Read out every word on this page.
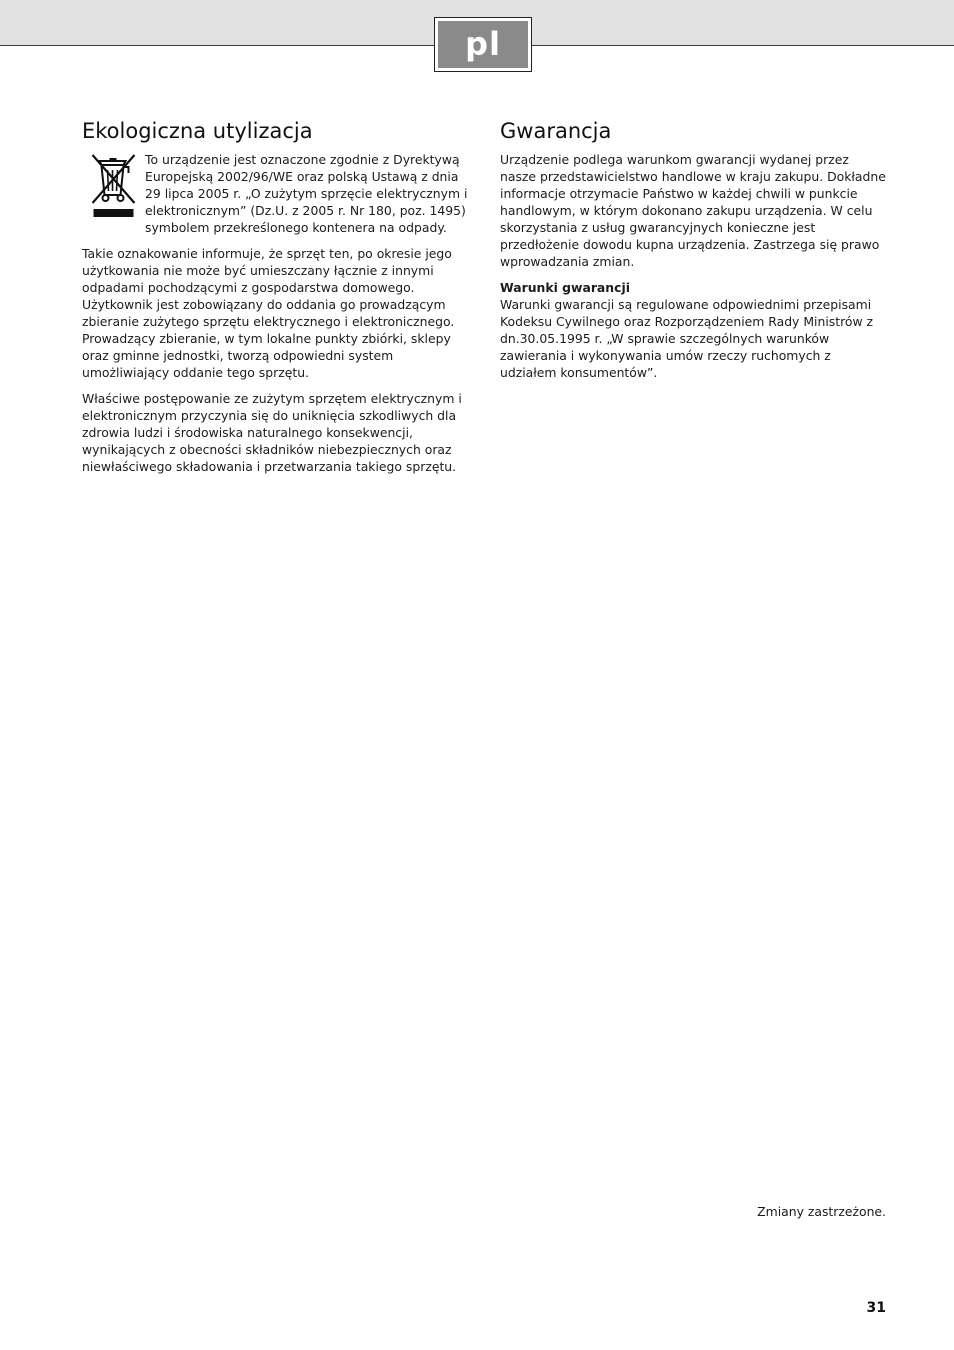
pl
Ekologiczna utylizacja

To urządzenie jest oznaczone zgodnie z Dyrektywą Europejską 2002/96/WE oraz polską Ustawą z dnia 29 lipca 2005 r. „O zużytym sprzęcie elektrycznym i elektronicznym” (Dz.U. z 2005 r. Nr 180, poz. 1495) symbolem przekreślonego kontenera na odpady.

Takie oznakowanie informuje, że sprzęt ten, po okresie jego użytkowania nie może być umieszczany łącznie z innymi odpadami pochodzącymi z gospodarstwa domowego. Użytkownik jest zobowiązany do oddania go prowadzącym zbieranie zużytego sprzętu elektrycznego i elektronicznego. Prowadzący zbieranie, w tym lokalne punkty zbiórki, sklepy oraz gminne jednostki, tworzą odpowiedni system umożliwiający oddanie tego sprzętu.

Właściwe postępowanie ze zużytym sprzętem elektrycznym i elektronicznym przyczynia się do uniknięcia szkodliwych dla zdrowia ludzi i środowiska naturalnego konsekwencji, wynikających z obecności składników niebezpiecznych oraz niewłaściwego składowania i przetwarzania takiego sprzętu.

Gwarancja

Urządzenie podlega warunkom gwarancji wydanej przez nasze przedstawicielstwo handlowe w kraju zakupu. Dokładne informacje otrzymacie Państwo w każdej chwili w punkcie handlowym, w którym dokonano zakupu urządzenia. W celu skorzystania z usług gwarancyjnych konieczne jest przedłożenie dowodu kupna urządzenia. Zastrzega się prawo wprowadzania zmian.

Warunki gwarancji

Warunki gwarancji są regulowane odpowiednimi przepisami Kodeksu Cywilnego oraz Rozporządzeniem Rady Ministrów z dn.30.05.1995 r. „W sprawie szczególnych warunków zawierania i wykonywania umów rzeczy ruchomych z udziałem konsumentów”.

Zmiany zastrzeżone.
31
